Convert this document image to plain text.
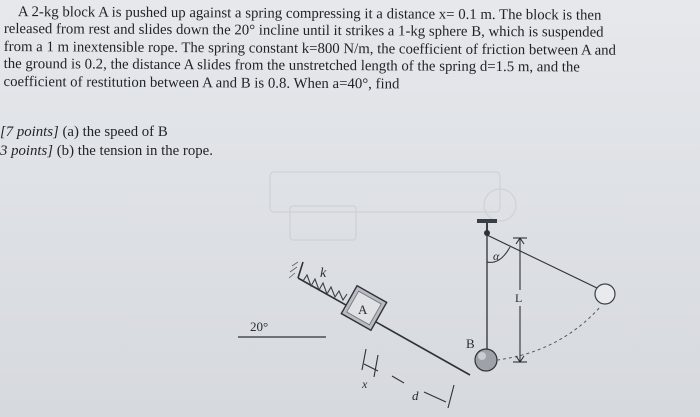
A 2-kg block A is pushed up against a spring compressing it a distance x= 0.1 m. The block is then
released from rest and slides down the 20° incline until it strikes a 1-kg sphere B, which is suspended
from a 1 m inextensible rope. The spring constant k=800 N/m, the coefficient of friction between A and
the ground is 0.2, the distance A slides from the unstretched length of the spring d=1.5 m, and the
coefficient of restitution between A and B is 0.8. When a=40°, find
[7 points] (a) the speed of B
3 points] (b) the tension in the rope.
k
A
20°
x
d
B
α
L
